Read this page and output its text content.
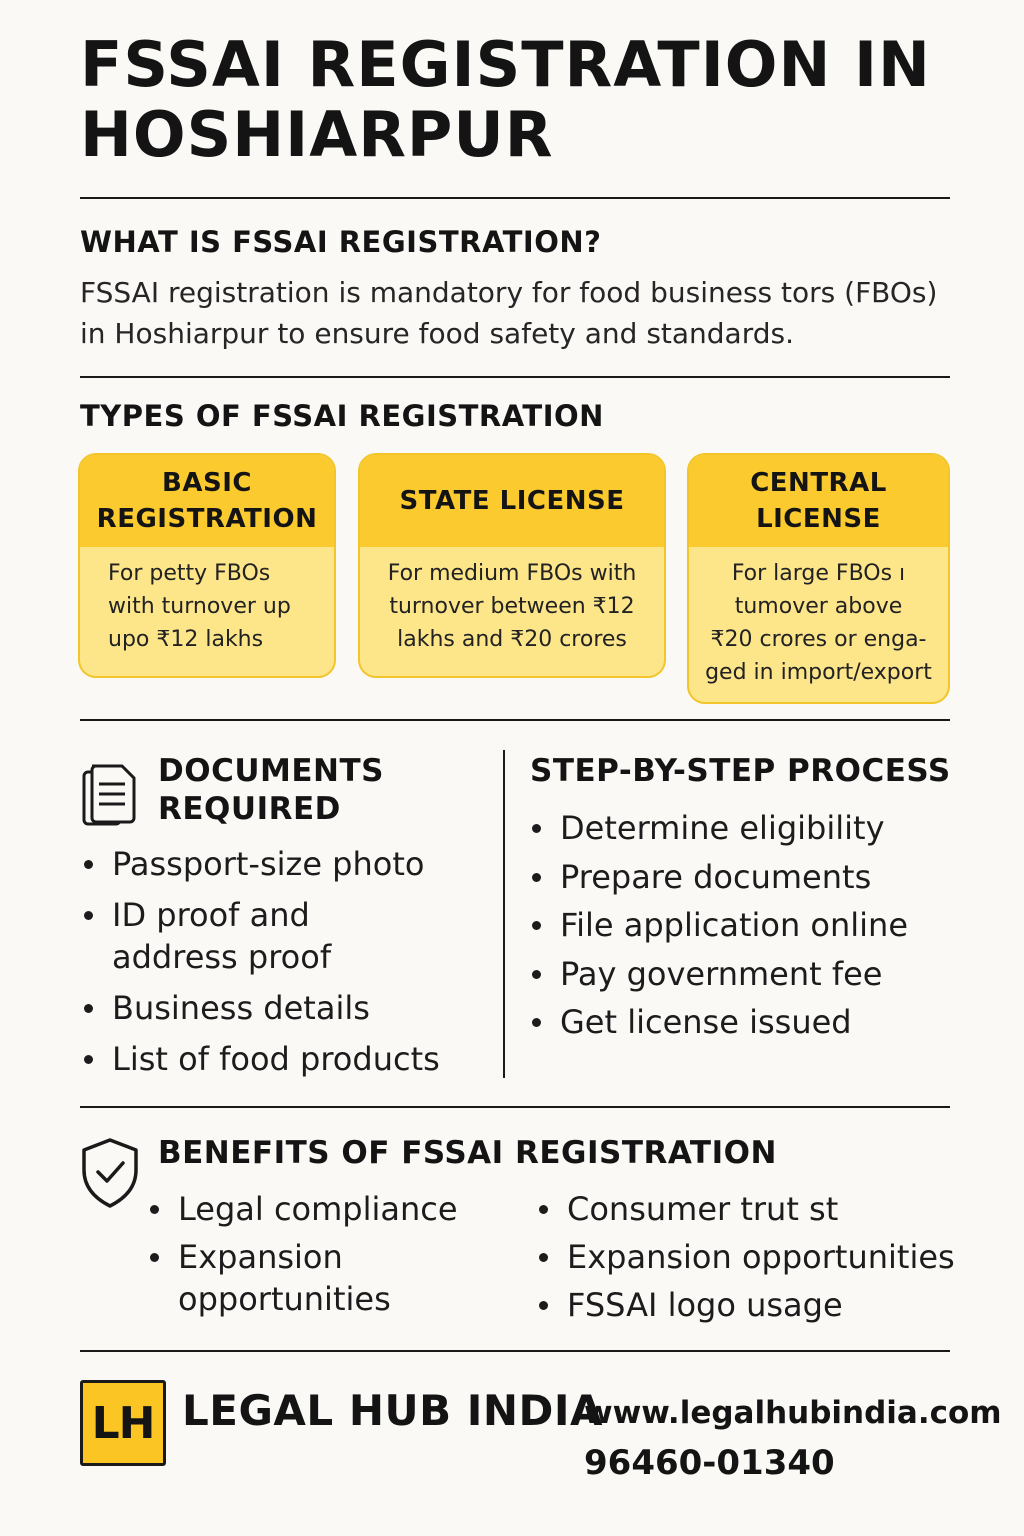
FSSAI REGISTRATION IN
HOSHIARPUR
WHAT IS FSSAI REGISTRATION?

FSSAI registration is mandatory for food business tors (FBOs)

in Hoshiarpur to ensure food safety and standards.

TYPES OF FSSAI REGISTRATION
BASIC
REGISTRATION
For petty FBOs
with turnover up
upo ₹12 lakhs
STATE LICENSE
For medium FBOs with
turnover between ₹12
lakhs and ₹20 crores
CENTRAL
LICENSE
For large FBOs ı
tumover above
₹20 crores or enga-
ged in import/export
DOCUMENTS
REQUIRED
Passport-size photo
ID proof and
address proof
Business details
List of food products
STEP-BY-STEP PROCESS
Determine eligibility
Prepare documents
File application online
Pay government fee
Get license issued
BENEFITS OF FSSAI REGISTRATION
Legal compliance
Expansion
opportunities
Consumer trut st
Expansion opportunities
FSSAI logo usage
LH LEGAL HUB INDIA
www.legalhubindia.com
96460-01340
